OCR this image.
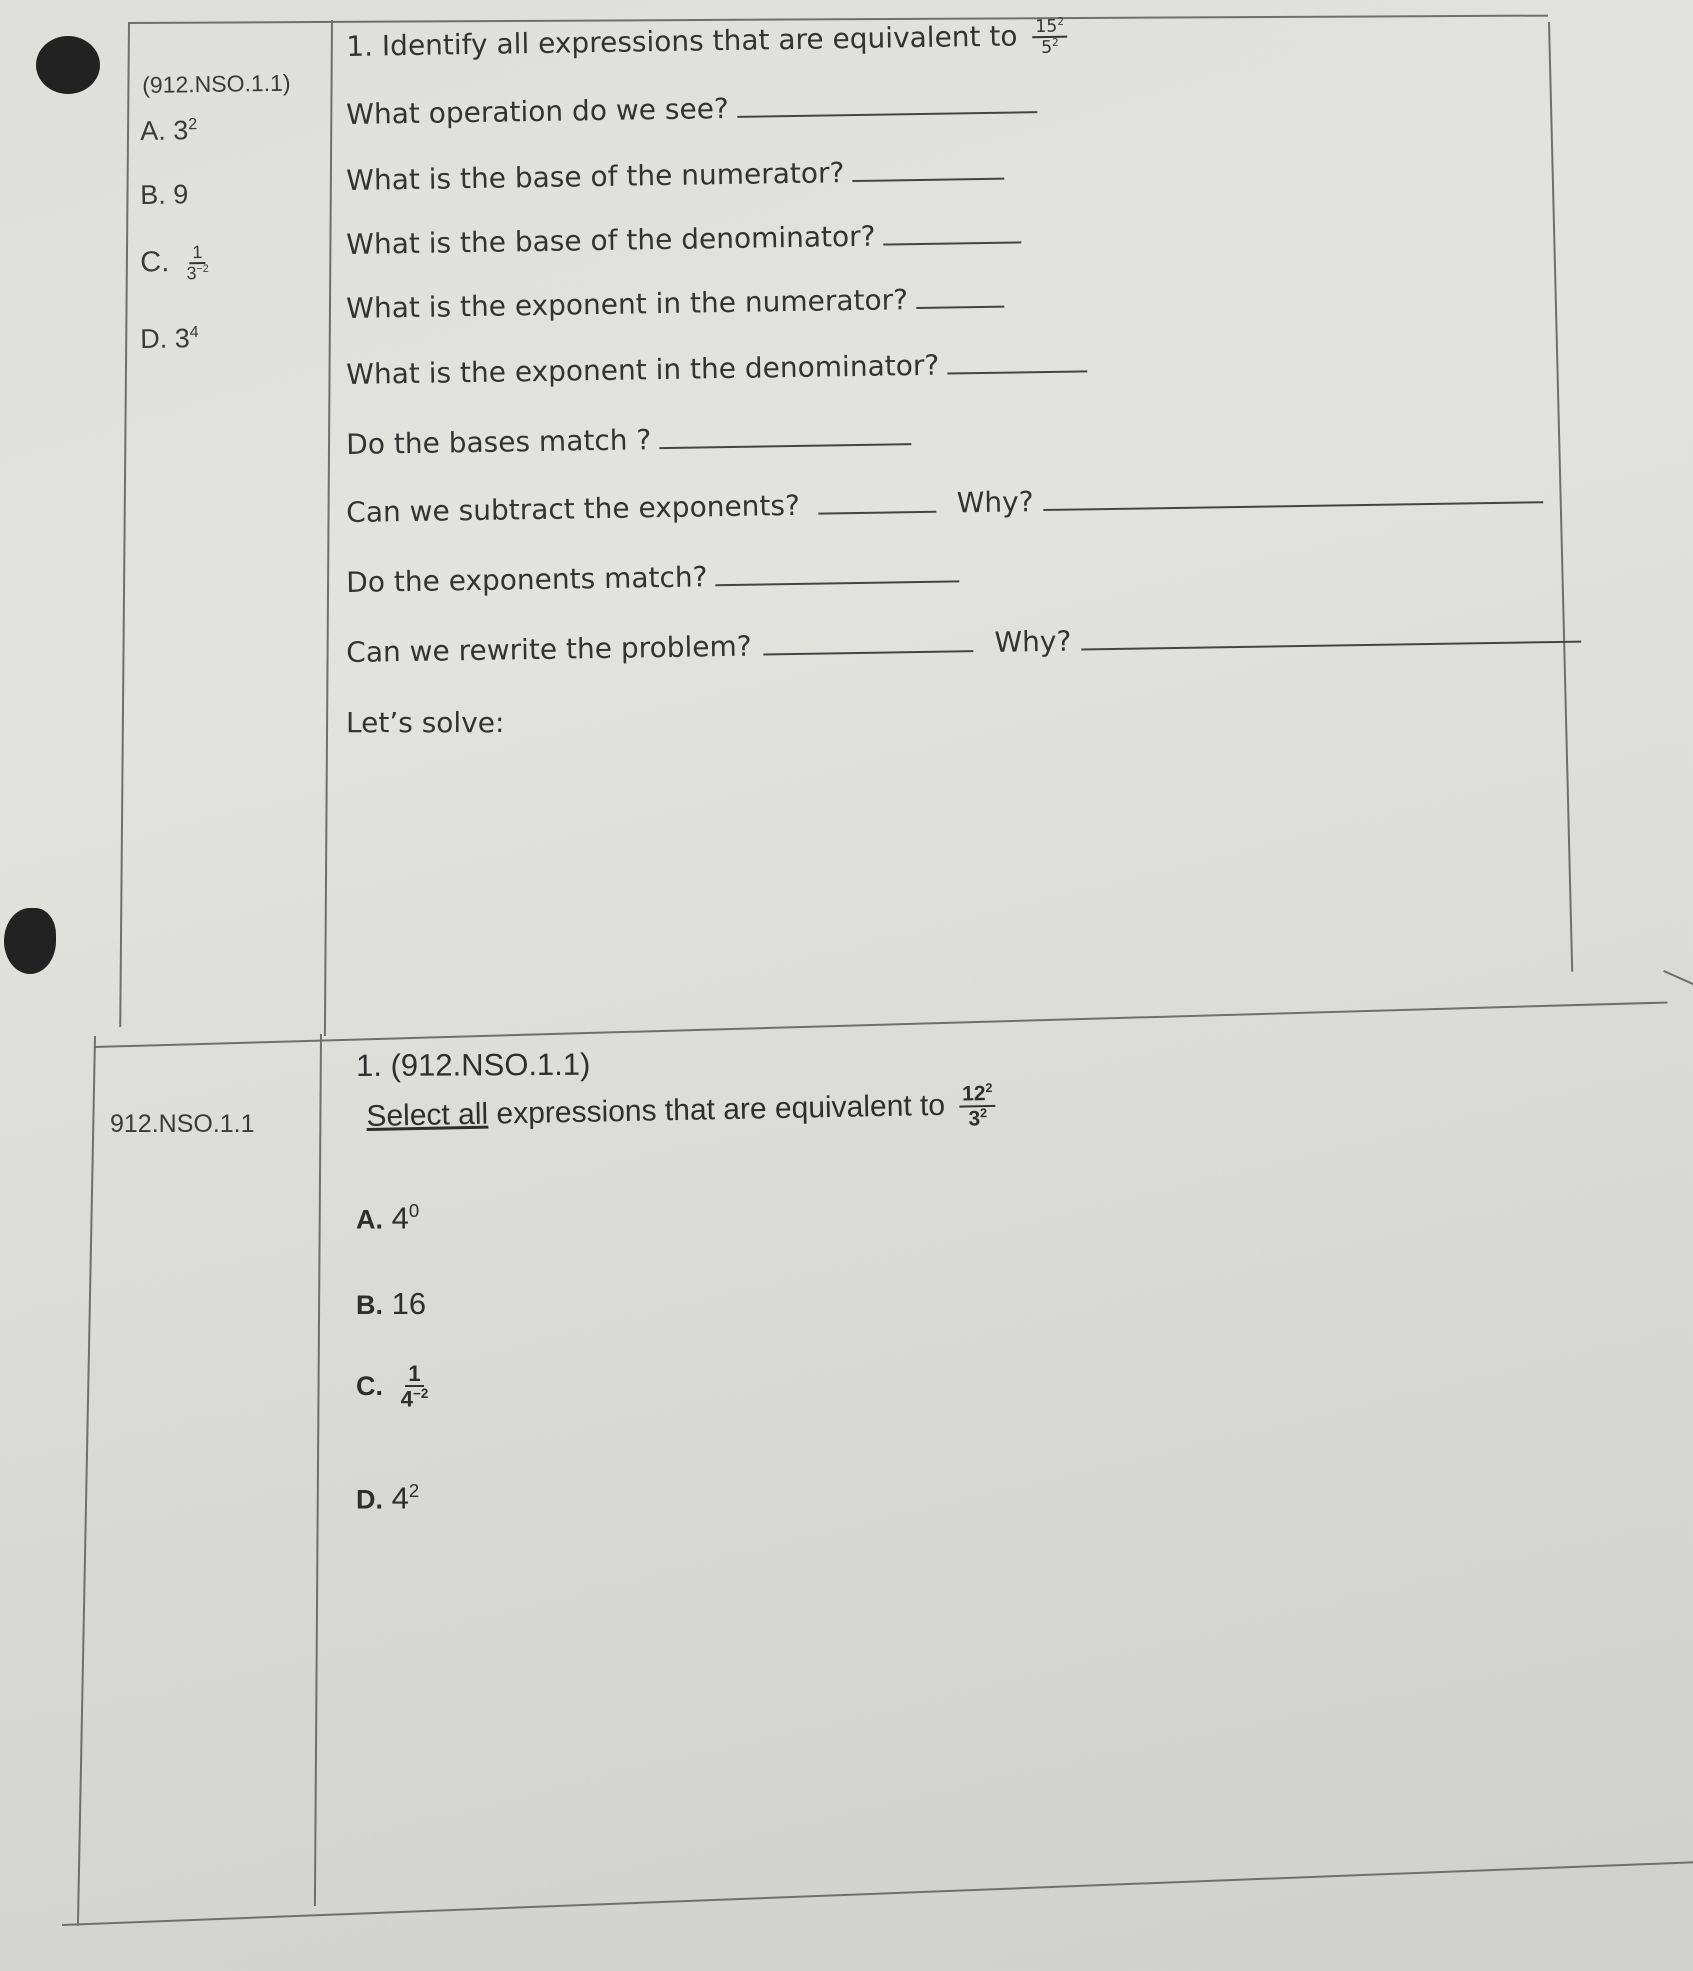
1. Identify all expressions that are equivalent to $\frac{15^2}{5^2}$
(912.NSO.1.1)
A. $3^2$
B. 9
C. $\frac{1}{3^{-2}}$
D. $3^4$
What operation do we see?
What is the base of the numerator?
What is the base of the denominator?
What is the exponent in the numerator?
What is the exponent in the denominator?
Do the bases match ?
Can we subtract the exponents?	Why?
Do the exponents match?
Can we rewrite the problem?	Why?
Let’s solve:
912.NSO.1.1
1. (912.NSO.1.1)
Select all expressions that are equivalent to $\frac{12^2}{3^2}$
A. $4^0$
B. 16
C. $\frac{1}{4^{-2}}$
D. $4^2$
